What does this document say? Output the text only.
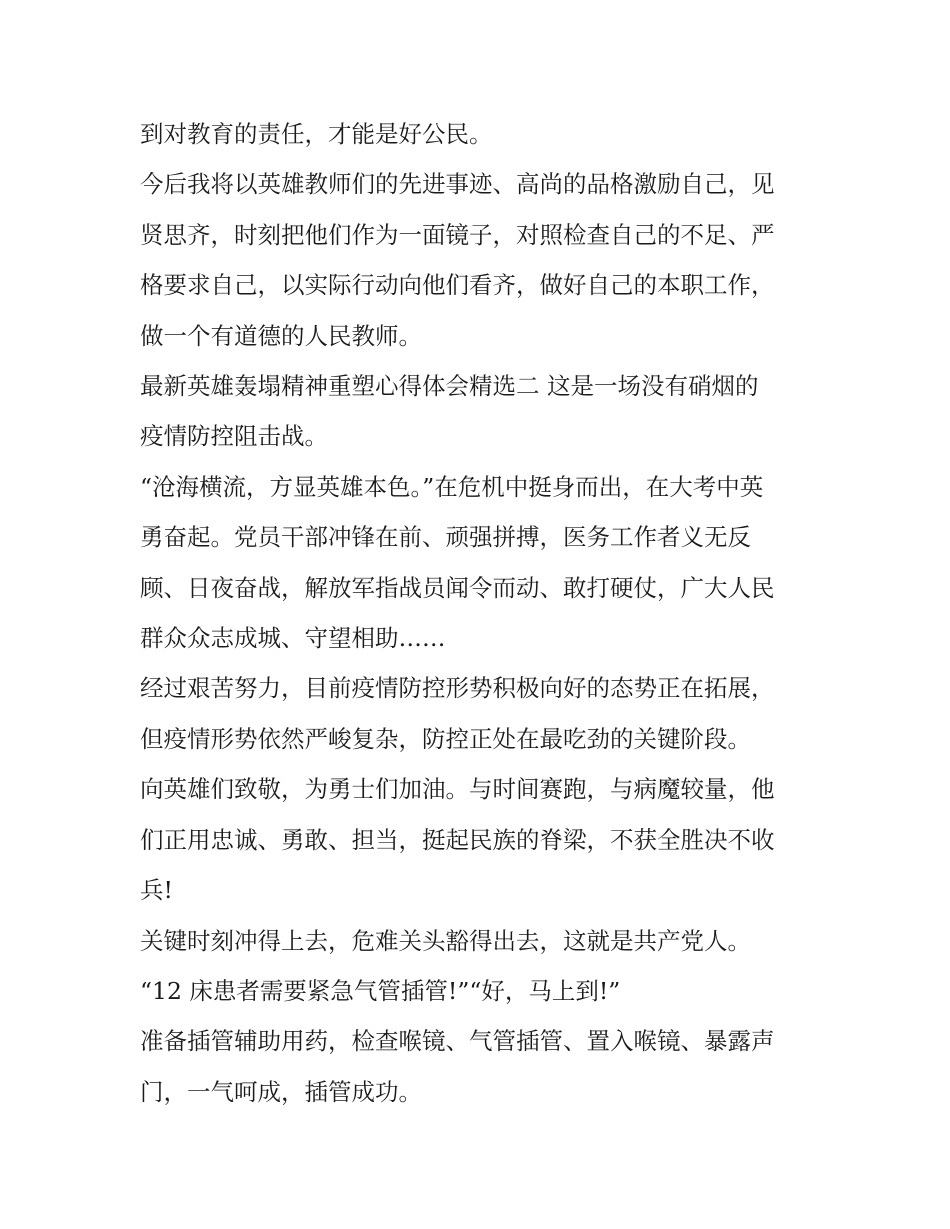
到对教育的责任，才能是好公民。

今后我将以英雄教师们的先进事迹、高尚的品格激励自己，见
贤思齐，时刻把他们作为一面镜子，对照检查自己的不足、严
格要求自己，以实际行动向他们看齐，做好自己的本职工作，
做一个有道德的人民教师。

最新英雄轰塌精神重塑心得体会精选二 这是一场没有硝烟的
疫情防控阻击战。

“沧海横流，方显英雄本色。”在危机中挺身而出，在大考中英
勇奋起。党员干部冲锋在前、顽强拼搏，医务工作者义无反
顾、日夜奋战，解放军指战员闻令而动、敢打硬仗，广大人民
群众众志成城、守望相助……

经过艰苦努力，目前疫情防控形势积极向好的态势正在拓展，
但疫情形势依然严峻复杂，防控正处在最吃劲的关键阶段。

向英雄们致敬，为勇士们加油。与时间赛跑，与病魔较量，他
们正用忠诚、勇敢、担当，挺起民族的脊梁，不获全胜决不收
兵!

关键时刻冲得上去，危难关头豁得出去，这就是共产党人。

“12 床患者需要紧急气管插管!”“好，马上到!”

准备插管辅助用药，检查喉镜、气管插管、置入喉镜、暴露声
门，一气呵成，插管成功。
